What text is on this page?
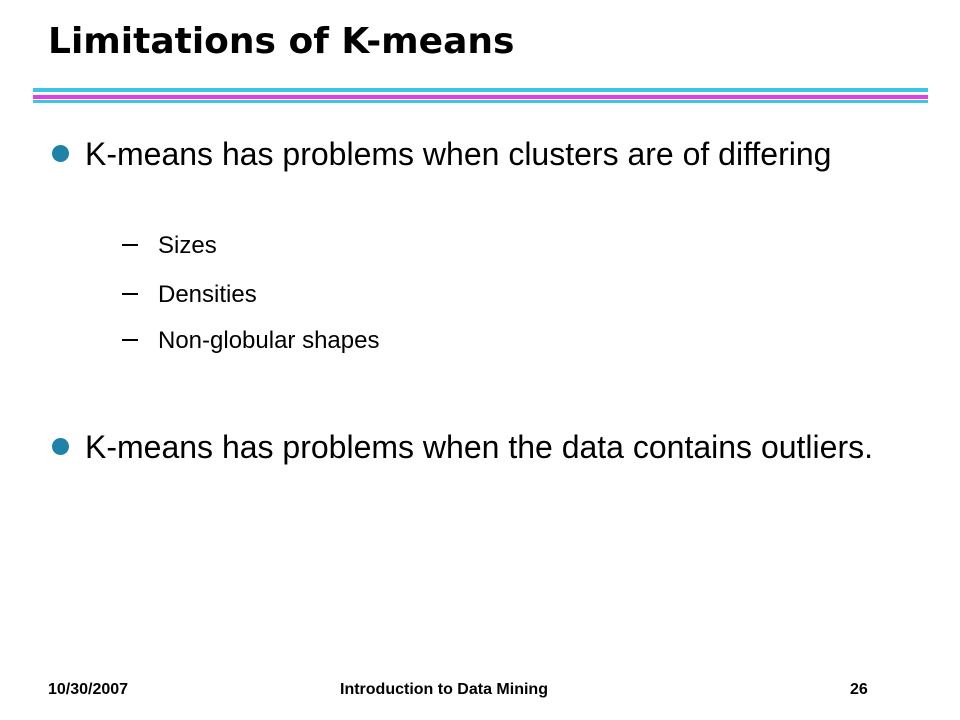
Limitations of K-means
K-means has problems when clusters are of differing
Sizes
Densities
Non-globular shapes
K-means has problems when the data contains outliers.
10/30/2007	Introduction to Data Mining	26
